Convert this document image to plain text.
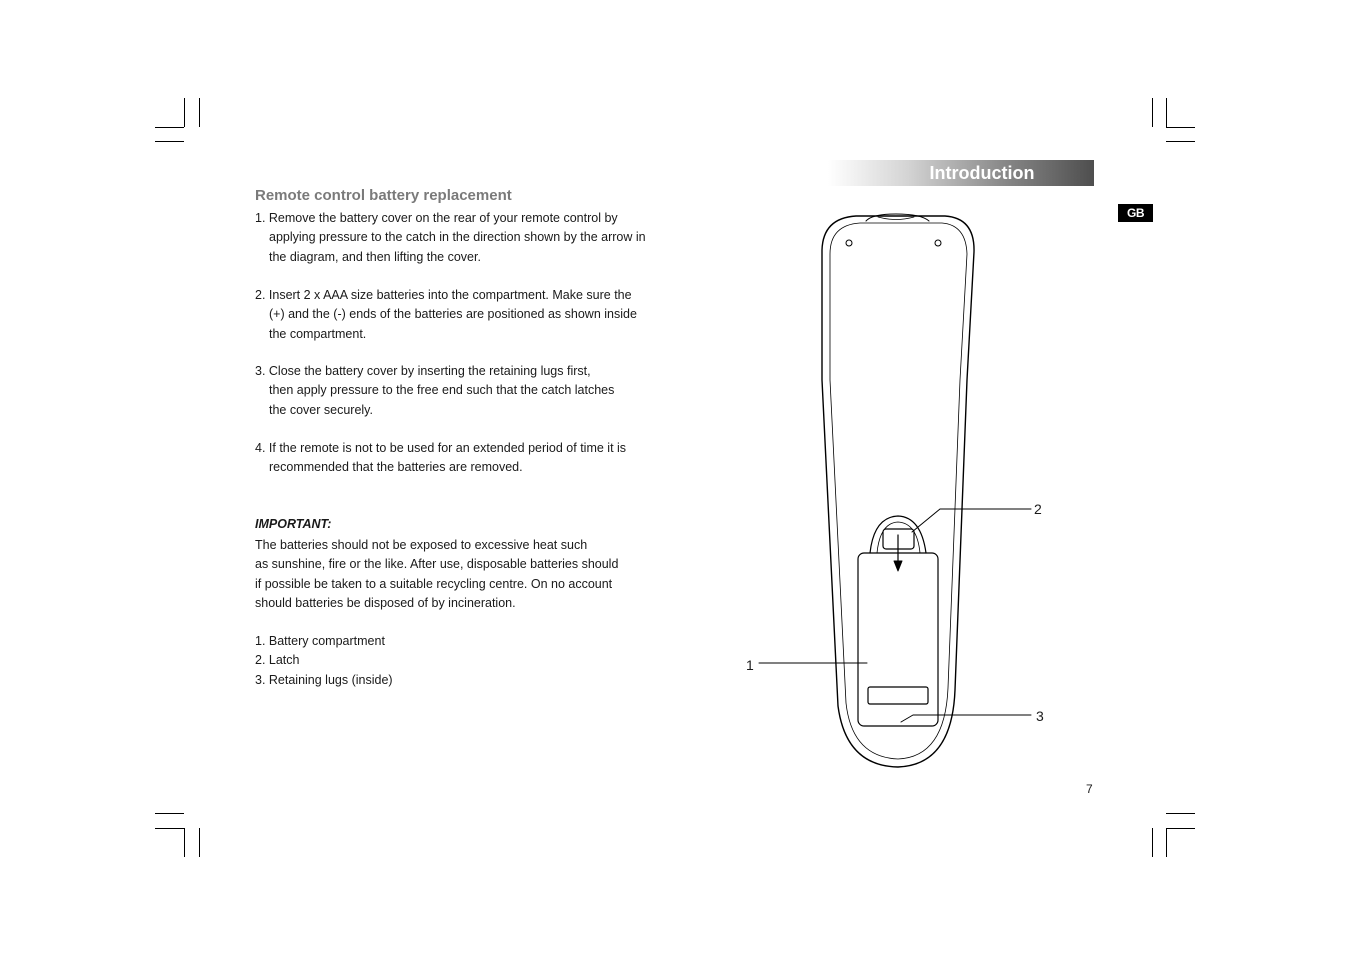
Remote control battery replacement

1. Remove the battery cover on the rear of your remote control by
applying pressure to the catch in the direction shown by the arrow in
the diagram, and then lifting the cover.

2. Insert 2 x AAA size batteries into the compartment. Make sure the
(+) and the (-) ends of the batteries are positioned as shown inside
the compartment.

3. Close the battery cover by inserting the retaining lugs first,
then apply pressure to the free end such that the catch latches
the cover securely.

4. If the remote is not to be used for an extended period of time it is
recommended that the batteries are removed.

IMPORTANT:

The batteries should not be exposed to excessive heat such
as sunshine, fire or the like. After use, disposable batteries should
if possible be taken to a suitable recycling centre. On no account
should batteries be disposed of by incineration.

1. Battery compartment
2. Latch
3. Retaining lugs (inside)

Introduction
GB
1
2
3
7
